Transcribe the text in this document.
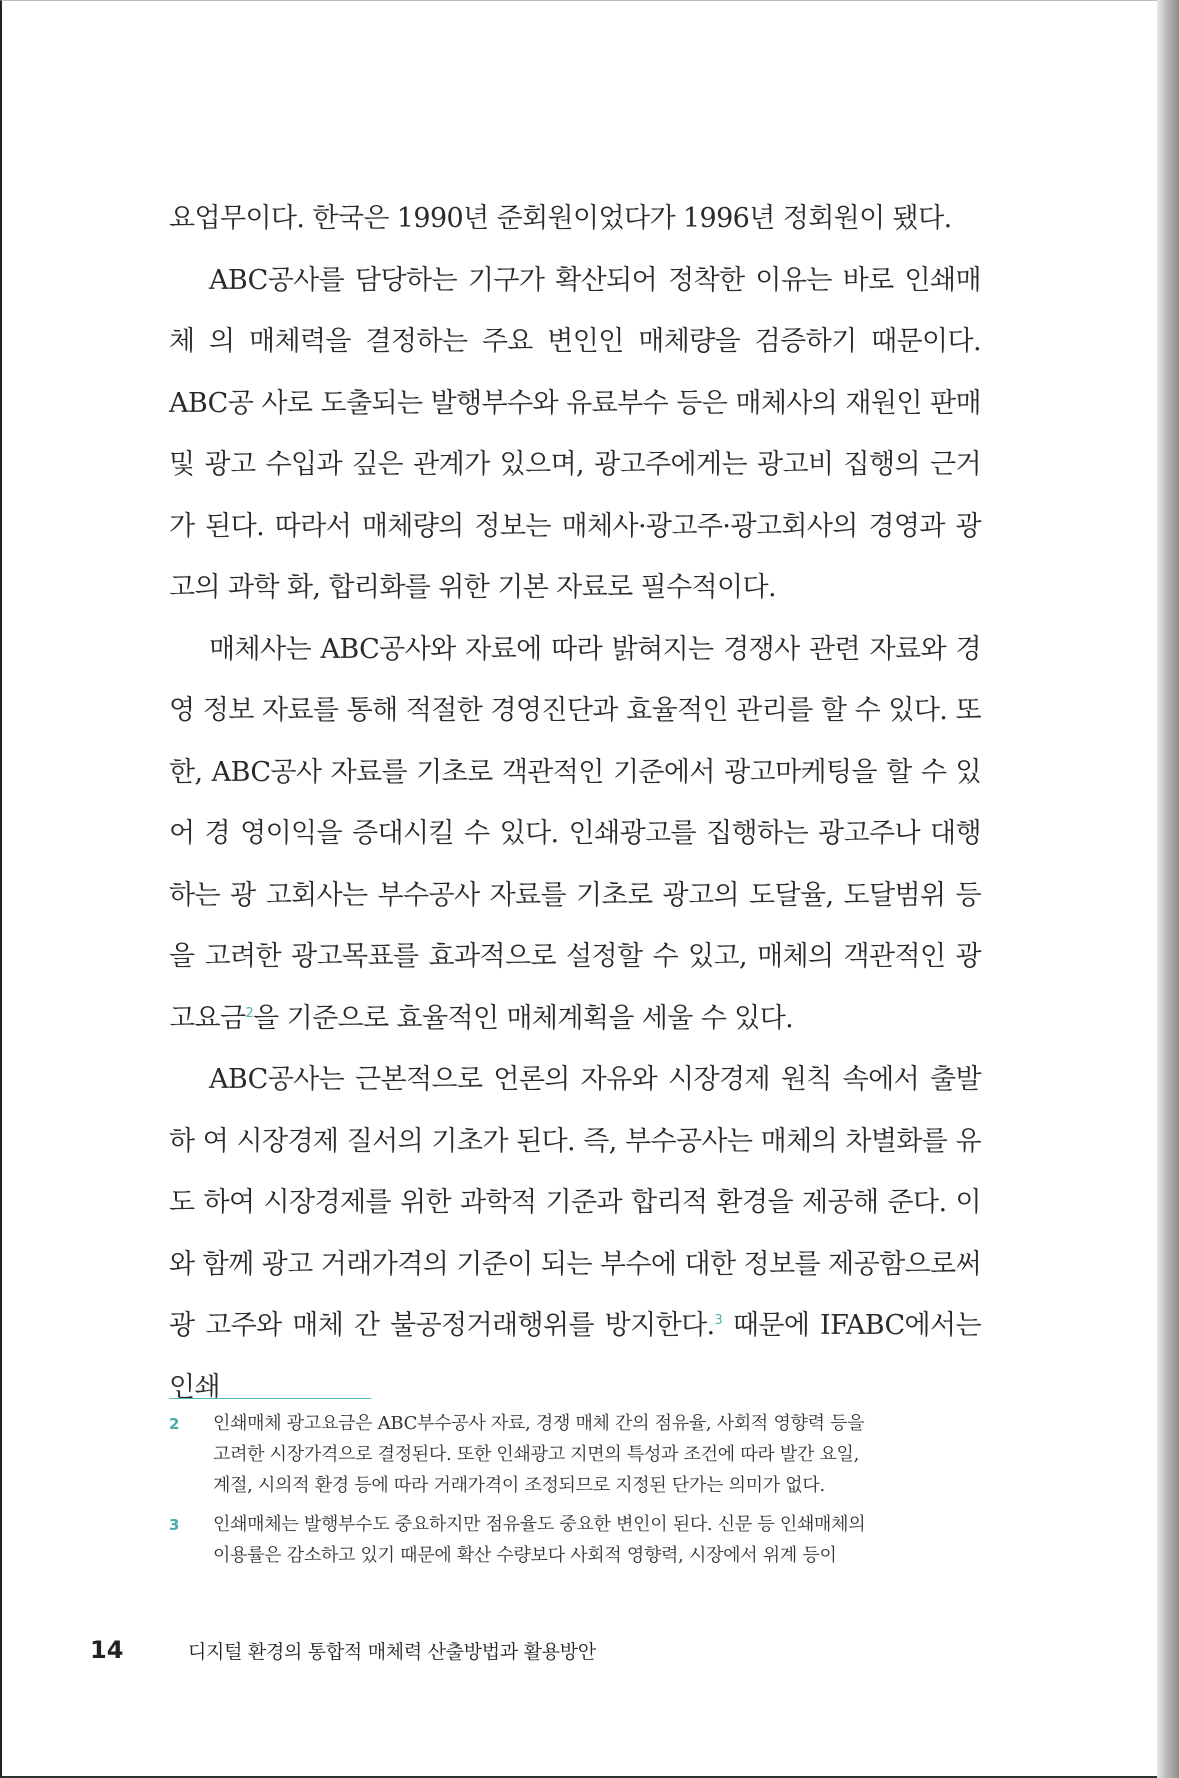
요업무이다. 한국은 1990년 준회원이었다가 1996년 정회원이 됐다.

ABC공사를 담당하는 기구가 확산되어 정착한 이유는 바로 인쇄매체 의 매체력을 결정하는 주요 변인인 매체량을 검증하기 때문이다. ABC공 사로 도출되는 발행부수와 유료부수 등은 매체사의 재원인 판매 및 광고 수입과 깊은 관계가 있으며, 광고주에게는 광고비 집행의 근거가 된다. 따라서 매체량의 정보는 매체사·광고주·광고회사의 경영과 광고의 과학 화, 합리화를 위한 기본 자료로 필수적이다.

매체사는 ABC공사와 자료에 따라 밝혀지는 경쟁사 관련 자료와 경영 정보 자료를 통해 적절한 경영진단과 효율적인 관리를 할 수 있다. 또한, ABC공사 자료를 기초로 객관적인 기준에서 광고마케팅을 할 수 있어 경 영이익을 증대시킬 수 있다. 인쇄광고를 집행하는 광고주나 대행하는 광 고회사는 부수공사 자료를 기초로 광고의 도달율, 도달범위 등을 고려한 광고목표를 효과적으로 설정할 수 있고, 매체의 객관적인 광고요금$^2$을 기준으로 효율적인 매체계획을 세울 수 있다.

ABC공사는 근본적으로 언론의 자유와 시장경제 원칙 속에서 출발하 여 시장경제 질서의 기초가 된다. 즉, 부수공사는 매체의 차별화를 유도 하여 시장경제를 위한 과학적 기준과 합리적 환경을 제공해 준다. 이와 함께 광고 거래가격의 기준이 되는 부수에 대한 정보를 제공함으로써 광 고주와 매체 간 불공정거래행위를 방지한다.$^3$ 때문에 IFABC에서는 인쇄

2	인쇄매체 광고요금은 ABC부수공사 자료, 경쟁 매체 간의 점유율, 사회적 영향력 등을
고려한 시장가격으로 결정된다. 또한 인쇄광고 지면의 특성과 조건에 따라 발간 요일,
계절, 시의적 환경 등에 따라 거래가격이 조정되므로 지정된 단가는 의미가 없다.
3	인쇄매체는 발행부수도 중요하지만 점유율도 중요한 변인이 된다. 신문 등 인쇄매체의
이용률은 감소하고 있기 때문에 확산 수량보다 사회적 영향력, 시장에서 위계 등이
14	디지털 환경의 통합적 매체력 산출방법과 활용방안
